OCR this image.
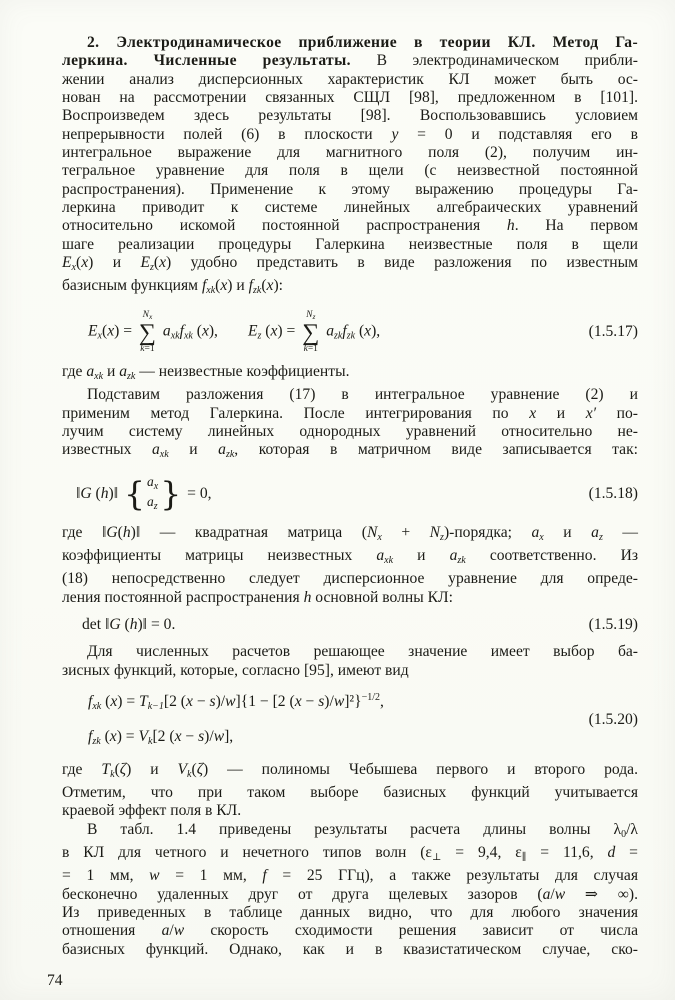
2. Электродинамическое приближение в теории КЛ. Метод Га-
леркина. Численные результаты. В электродинамическом прибли-
жении анализ дисперсионных характеристик КЛ может быть ос-
нован на рассмотрении связанных СЩЛ [98], предложенном в [101].
Воспроизведем здесь результаты [98]. Воспользовавшись условием
непрерывности полей (6) в плоскости y = 0 и подставляя его в
интегральное выражение для магнитного поля (2), получим ин-
тегральное уравнение для поля в щели (с неизвестной постоянной
распространения). Применение к этому выражению процедуры Га-
леркина приводит к системе линейных алгебраических уравнений
относительно искомой постоянной распространения h. На первом
шаге реализации процедуры Галеркина неизвестные поля в щели
Ex(x) и Ez(x) удобно представить в виде разложения по известным
базисным функциям fxk(x) и fzk(x):
Ex(x) =
$N_x$
∑
k=1
axkfxk (x), Ez (x) =
$N_z$
∑
k=1
azkfzk (x),	(1.5.17)
где axk и azk — неизвестные коэффициенты.
Подставим разложения (17) в интегральное уравнение (2) и
применим метод Галеркина. После интегрирования по x и x′ по-
лучим систему линейных однородных уравнений относительно не-
известных axk и azk, которая в матричном виде записывается так:
‖G (h)‖ { $a_x$
$a_z$ } = 0,	(1.5.18)
где ‖G(h)‖ — квадратная матрица (Nx + Nz)-порядка; ax и az —
коэффициенты матрицы неизвестных axk и azk соответственно. Из
(18) непосредственно следует дисперсионное уравнение для опреде-
ления постоянной распространения h основной волны КЛ:
det ‖G (h)‖ = 0.	(1.5.19)
Для численных расчетов решающее значение имеет выбор ба-
зисных функций, которые, согласно [95], имеют вид
fxk (x) = Tk−1[2 (x − s)/w]{1 − [2 (x − s)/w]²}$^{-1/2}$,
fzk (x) = Vk[2 (x − s)/w],
(1.5.20)
где Tk(ζ) и Vk(ζ) — полиномы Чебышева первого и второго рода.
Отметим, что при таком выборе базисных функций учитывается
краевой эффект поля в КЛ.
В табл. 1.4 приведены результаты расчета длины волны λ0/λ
в КЛ для четного и нечетного типов волн (ε⊥ = 9,4, ε∥ = 11,6, d =
= 1 мм, w = 1 мм, f = 25 ГГц), а также результаты для случая
бесконечно удаленных друг от друга щелевых зазоров (a/w ⇒ ∞).
Из приведенных в таблице данных видно, что для любого значения
отношения a/w скорость сходимости решения зависит от числа
базисных функций. Однако, как и в квазистатическом случае, ско-
74
